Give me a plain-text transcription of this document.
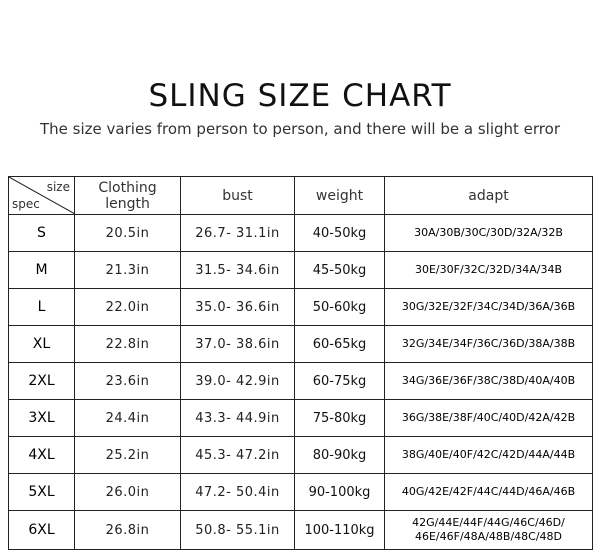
SLING SIZE CHART
The size varies from person to person, and there will be a slight error
size
spec	Clothing length	bust	weight	adapt
S	20.5in	26.7- 31.1in	40-50kg	30A/30B/30C/30D/32A/32B
M	21.3in	31.5- 34.6in	45-50kg	30E/30F/32C/32D/34A/34B
L	22.0in	35.0- 36.6in	50-60kg	30G/32E/32F/34C/34D/36A/36B
XL	22.8in	37.0- 38.6in	60-65kg	32G/34E/34F/36C/36D/38A/38B
2XL	23.6in	39.0- 42.9in	60-75kg	34G/36E/36F/38C/38D/40A/40B
3XL	24.4in	43.3- 44.9in	75-80kg	36G/38E/38F/40C/40D/42A/42B
4XL	25.2in	45.3- 47.2in	80-90kg	38G/40E/40F/42C/42D/44A/44B
5XL	26.0in	47.2- 50.4in	90-100kg	40G/42E/42F/44C/44D/46A/46B
6XL	26.8in	50.8- 55.1in	100-110kg	42G/44E/44F/44G/46C/46D/ 46E/46F/48A/48B/48C/48D
